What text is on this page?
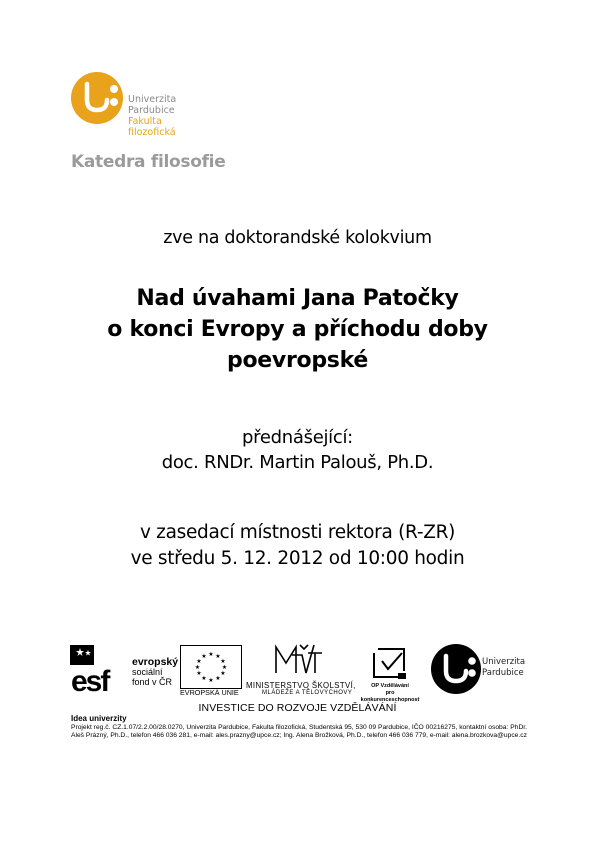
Univerzita
Pardubice
Fakulta
filozofická
Katedra filosofie
zve na doktorandské kolokvium
Nad úvahami Jana Patočky
o konci Evropy a příchodu doby
poevropské
přednášející:
doc. RNDr. Martin Palouš, Ph.D.
v zasedací místnosti rektora (R-ZR)
ve středu 5. 12. 2012 od 10:00 hodin
esf
evropský
sociální
fond v ČR
★ ★
★
★
★
★
★
★
★
★
★
★
EVROPSKÁ UNIE
MINISTERSTVO ŠKOLSTVÍ,
MLÁDEŽE A TĚLOVÝCHOVY
OP Vzdělávání
pro konkurenceschopnost
Univerzita
Pardubice
INVESTICE DO ROZVOJE VZDĚLÁVÁNÍ
Idea univerzity
Projekt reg.č. CZ.1.07/2.2.00/28.0270, Univerzita Pardubice, Fakulta filozofická, Studentská 95, 530 09 Pardubice, IČO 00216275, kontaktní osoba: PhDr. Aleš Prázný, Ph.D., telefon 466 036 281, e-mail: ales.prazny@upce.cz; Ing. Alena Brožková, Ph.D., telefon 466 036 779, e-mail: alena.brozkova@upce.cz
